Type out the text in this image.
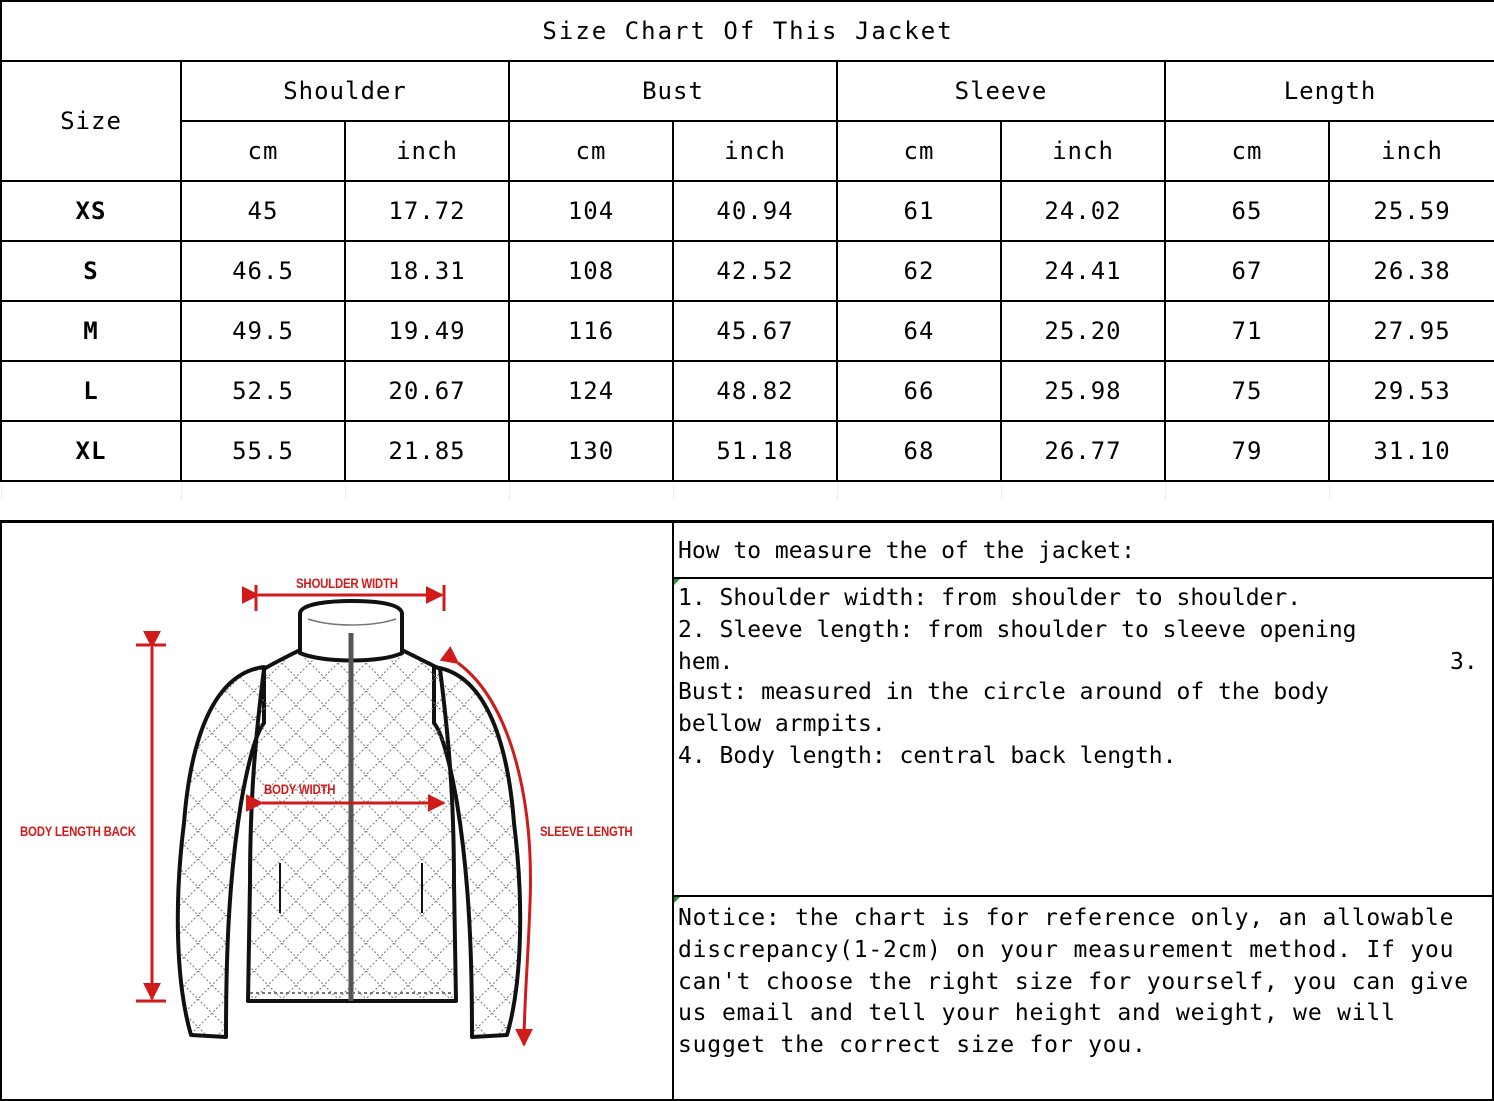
Size Chart Of This Jacket								
Size	Shoulder		Bust		Sleeve		Length	
	cm	inch	cm	inch	cm	inch	cm	inch
XS	45	17.72	104	40.94	61	24.02	65	25.59
S	46.5	18.31	108	42.52	62	24.41	67	26.38
M	49.5	19.49	116	45.67	64	25.20	71	27.95
L	52.5	20.67	124	48.82	66	25.98	75	29.53
XL	55.5	21.85	130	51.18	68	26.77	79	31.10

SHOULDER WIDTH
BODY WIDTH
BODY LENGTH BACK	SLEEVE LENGTH
How to measure the of the jacket:
1. Shoulder width: from shoulder to shoulder.
2. Sleeve length: from shoulder to sleeve opening
hem.	3.
Bust: measured in the circle around of the body
bellow armpits.
4. Body length: central back length.
Notice: the chart is for reference only, an allowable discrepancy(1-2cm) on your measurement method. If you can't choose the right size for yourself, you can give us email and tell your height and weight, we will sugget the correct size for you.
